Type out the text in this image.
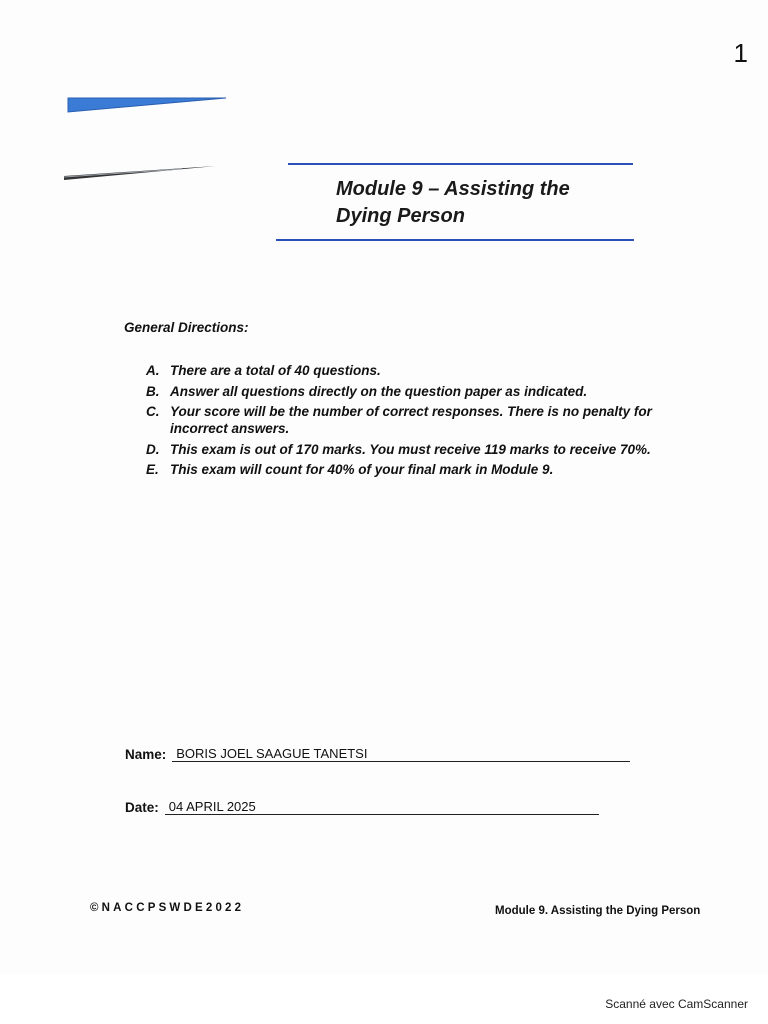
1
Module 9 – Assisting the Dying Person
General Directions:
A. There are a total of 40 questions.
B. Answer all questions directly on the question paper as indicated.
C. Your score will be the number of correct responses. There is no penalty for incorrect answers.
D. This exam is out of 170 marks. You must receive 119 marks to receive 70%.
E. This exam will count for 40% of your final mark in Module 9.
Name: BORIS JOEL SAAGUE TANETSI
Date: 04 APRIL 2025
©NACCPSWDE2022	Module 9. Assisting the Dying Person
Scanné avec CamScanner
